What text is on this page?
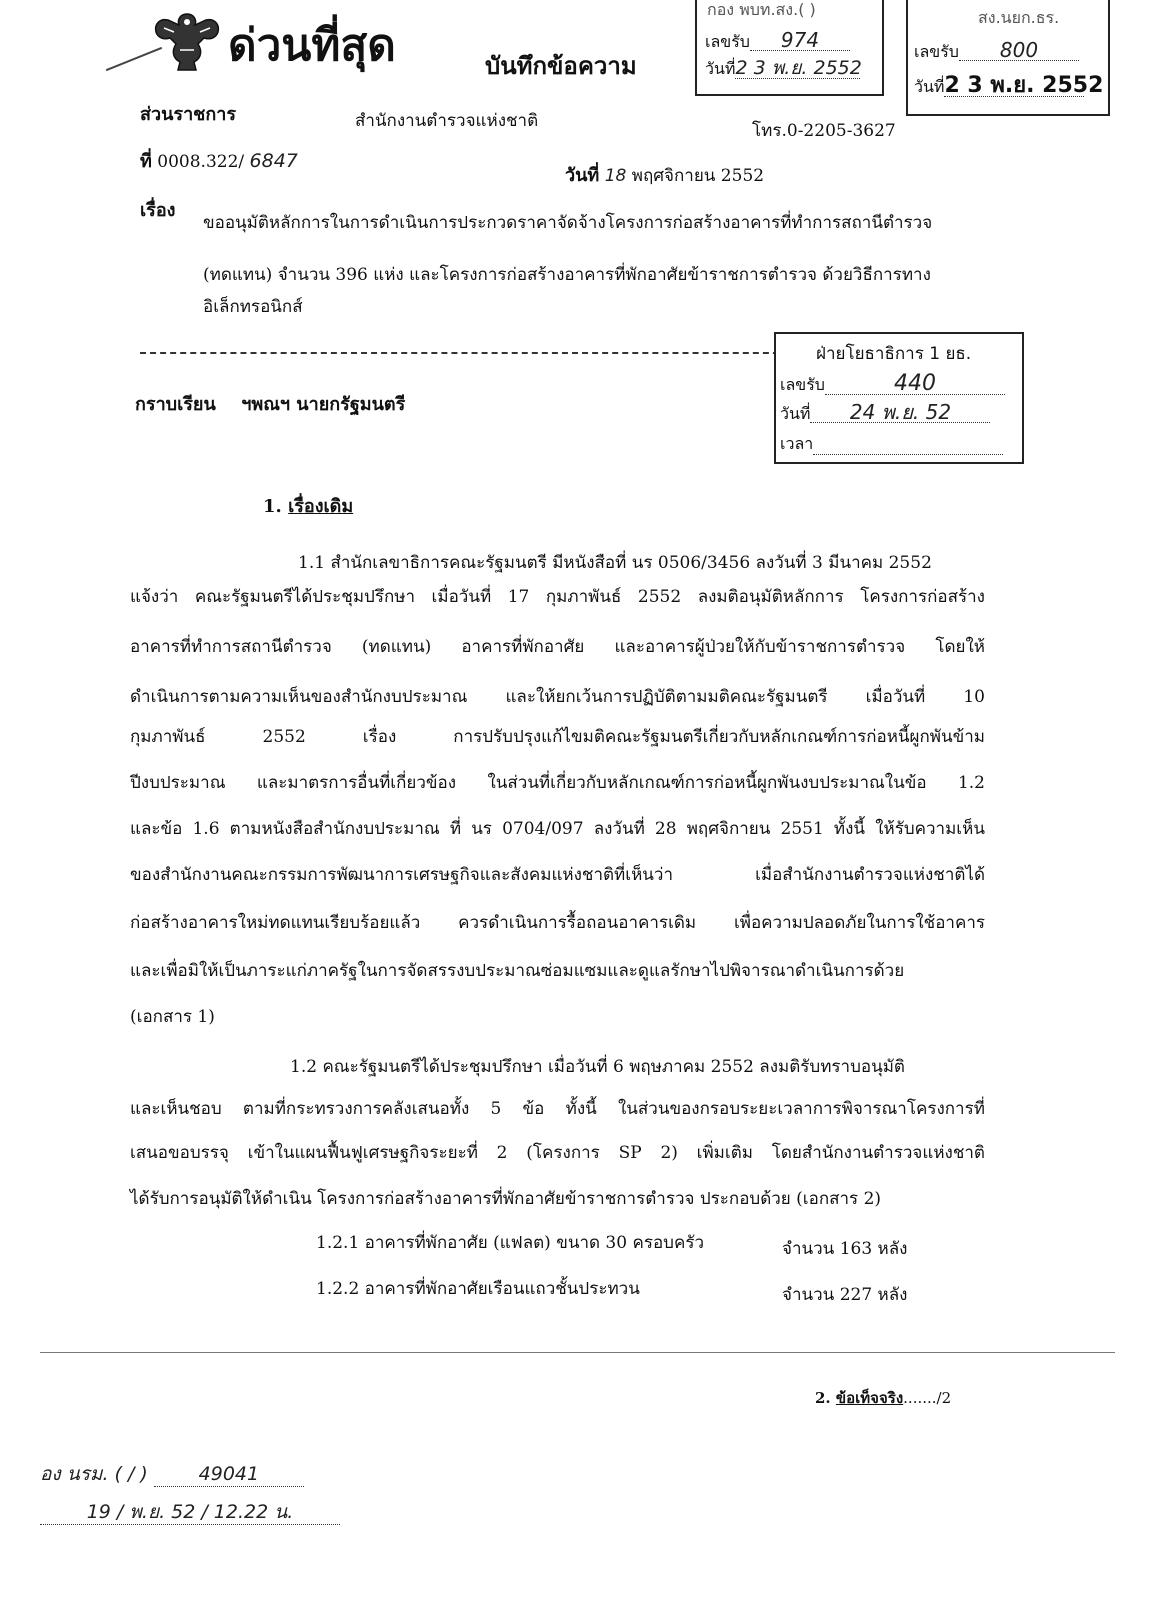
ด่วนที่สุด	บันทึกข้อความ
กอง พบท.สง.( )
เลขรับ 974
วันที่2 3 พ.ย. 2552
สง.นยก.ธร.
เลขรับ 800
วันที่2 3 พ.ย. 2552
ส่วนราชการ	สำนักงานตำรวจแห่งชาติ	โทร.0-2205-3627
ที่ 0008.322/ 6847
วันที่ 18 พฤศจิกายน 2552
เรื่อง
ขออนุมัติหลักการในการดำเนินการประกวดราคาจัดจ้างโครงการก่อสร้างอาคารที่ทำการสถานีตำรวจ
(ทดแทน) จำนวน 396 แห่ง และโครงการก่อสร้างอาคารที่พักอาศัยข้าราชการตำรวจ ด้วยวิธีการทาง
อิเล็กทรอนิกส์
ฝ่ายโยธาธิการ 1 ยธ.
เลขรับ	440
วันที่ 24 พ.ย. 52
เวลา
กราบเรียน ฯพณฯ นายกรัฐมนตรี
1. เรื่องเดิม
1.1 สำนักเลขาธิการคณะรัฐมนตรี มีหนังสือที่ นร 0506/3456 ลงวันที่ 3 มีนาคม 2552
แจ้งว่า คณะรัฐมนตรีได้ประชุมปรึกษา เมื่อวันที่ 17 กุมภาพันธ์ 2552 ลงมติอนุมัติหลักการ โครงการก่อสร้าง
อาคารที่ทำการสถานีตำรวจ (ทดแทน) อาคารที่พักอาศัย และอาคารผู้ป่วยให้กับข้าราชการตำรวจ โดยให้
ดำเนินการตามความเห็นของสำนักงบประมาณ และให้ยกเว้นการปฏิบัติตามมติคณะรัฐมนตรี เมื่อวันที่ 10
กุมภาพันธ์	2552	เรื่อง	การปรับปรุงแก้ไขมติคณะรัฐมนตรีเกี่ยวกับหลักเกณฑ์การก่อหนี้ผูกพันข้าม
ปีงบประมาณ และมาตรการอื่นที่เกี่ยวข้อง ในส่วนที่เกี่ยวกับหลักเกณฑ์การก่อหนี้ผูกพันงบประมาณในข้อ 1.2
และข้อ 1.6 ตามหนังสือสำนักงบประมาณ ที่ นร 0704/097 ลงวันที่ 28 พฤศจิกายน 2551 ทั้งนี้ ให้รับความเห็น
ของสำนักงานคณะกรรมการพัฒนาการเศรษฐกิจและสังคมแห่งชาติที่เห็นว่า	เมื่อสำนักงานตำรวจแห่งชาติได้
ก่อสร้างอาคารใหม่ทดแทนเรียบร้อยแล้ว ควรดำเนินการรื้อถอนอาคารเดิม เพื่อความปลอดภัยในการใช้อาคาร
และเพื่อมิให้เป็นภาระแก่ภาครัฐในการจัดสรรงบประมาณซ่อมแซมและดูแลรักษาไปพิจารณาดำเนินการด้วย
(เอกสาร 1)
1.2 คณะรัฐมนตรีได้ประชุมปรึกษา เมื่อวันที่ 6 พฤษภาคม 2552 ลงมติรับทราบอนุมัติ
และเห็นชอบ ตามที่กระทรวงการคลังเสนอทั้ง 5 ข้อ ทั้งนี้ ในส่วนของกรอบระยะเวลาการพิจารณาโครงการที่
เสนอขอบรรจุ เข้าในแผนฟื้นฟูเศรษฐกิจระยะที่ 2 (โครงการ SP 2) เพิ่มเติม โดยสำนักงานตำรวจแห่งชาติ
ได้รับการอนุมัติให้ดำเนิน โครงการก่อสร้างอาคารที่พักอาศัยข้าราชการตำรวจ ประกอบด้วย (เอกสาร 2)
1.2.1 อาคารที่พักอาศัย (แฟลต) ขนาด 30 ครอบครัว	จำนวน 163 หลัง
1.2.2 อาคารที่พักอาศัยเรือนแถวชั้นประทวน	จำนวน 227 หลัง
2. ข้อเท็จจริง......./2
อง นรม. ( / )	49041
19 / พ.ย. 52 / 12.22 น.
